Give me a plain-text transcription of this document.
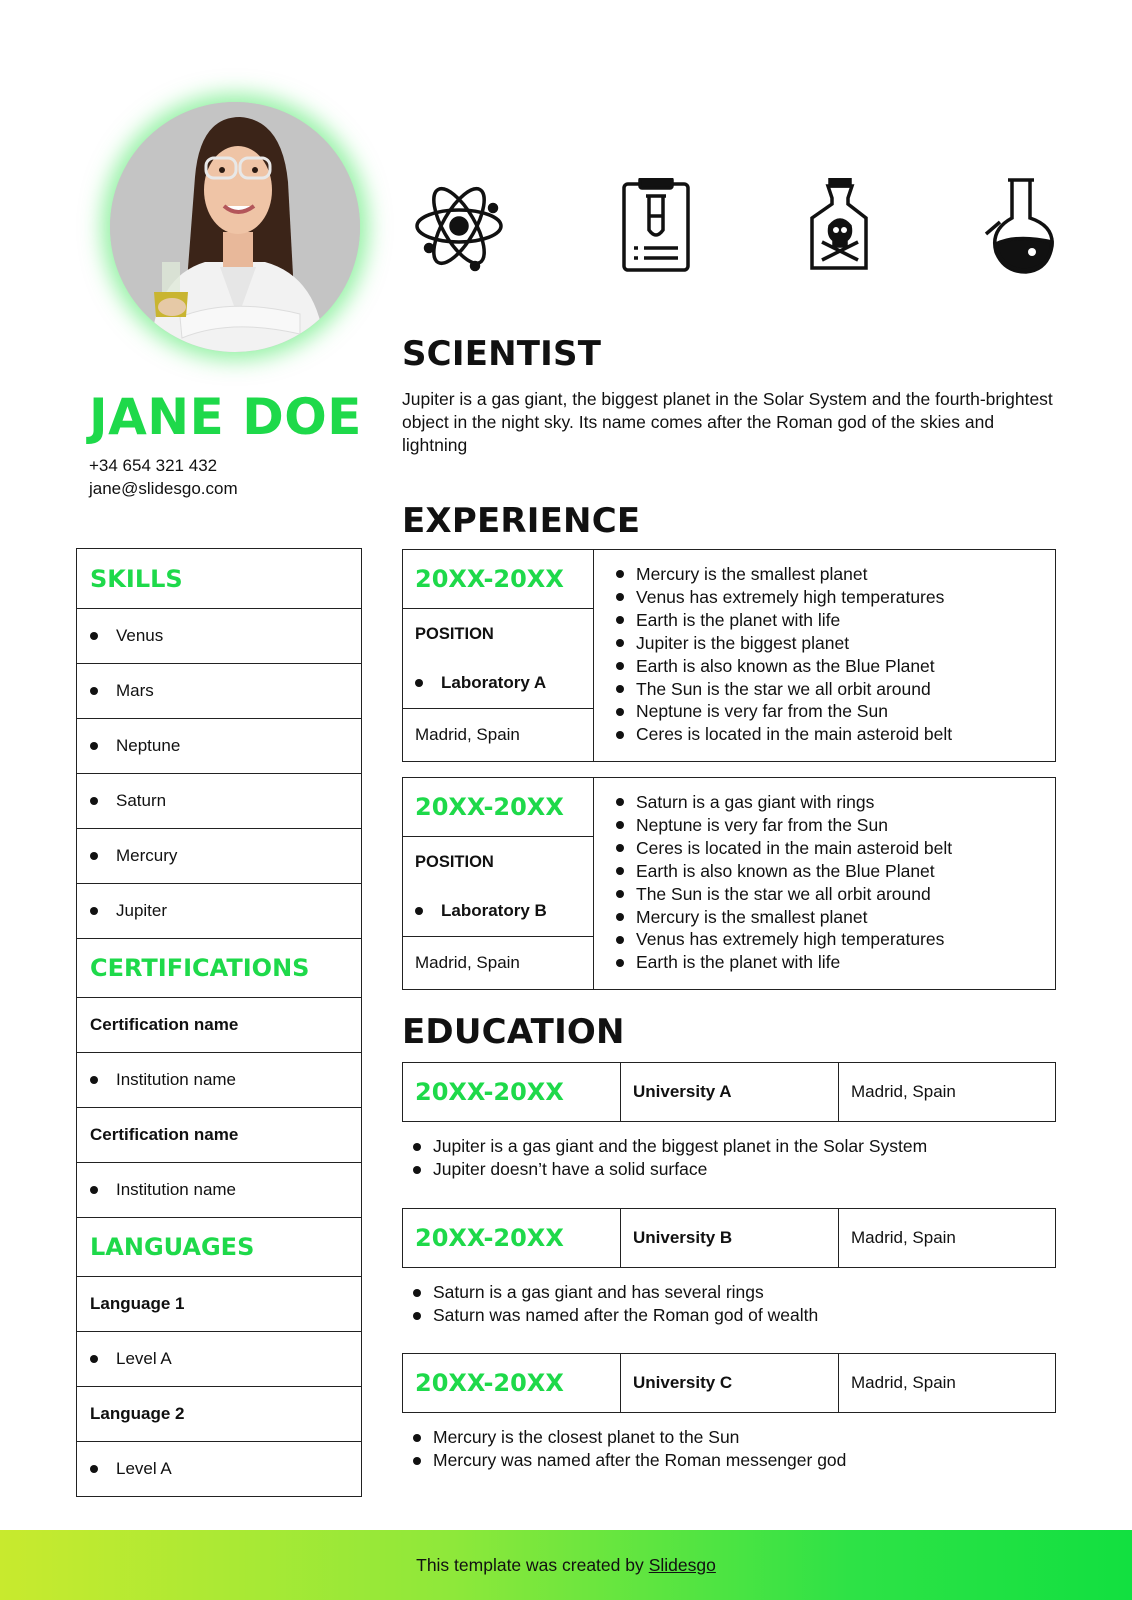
JANE DOE
+34 654 321 432
jane@slidesgo.com
SKILLS
Venus
Mars
Neptune
Saturn
Mercury
Jupiter
CERTIFICATIONS
Certification name
Institution name
Certification name
Institution name
LANGUAGES
Language 1
Level A
Language 2
Level A
SCIENTIST
Jupiter is a gas giant, the biggest planet in the Solar System and the fourth-brightest object in the night sky. Its name comes after the Roman god of the skies and lightning
EXPERIENCE
20XX-20XX
POSITION
Laboratory A
Madrid, Spain
Mercury is the smallest planet
Venus has extremely high temperatures
Earth is the planet with life
Jupiter is the biggest planet
Earth is also known as the Blue Planet
The Sun is the star we all orbit around
Neptune is very far from the Sun
Ceres is located in the main asteroid belt
20XX-20XX
POSITION
Laboratory B
Madrid, Spain
Saturn is a gas giant with rings
Neptune is very far from the Sun
Ceres is located in the main asteroid belt
Earth is also known as the Blue Planet
The Sun is the star we all orbit around
Mercury is the smallest planet
Venus has extremely high temperatures
Earth is the planet with life
EDUCATION
20XX-20XX	University A	Madrid, Spain
Jupiter is a gas giant and the biggest planet in the Solar System
Jupiter doesn’t have a solid surface
20XX-20XX	University B	Madrid, Spain
Saturn is a gas giant and has several rings
Saturn was named after the Roman god of wealth
20XX-20XX	University C	Madrid, Spain
Mercury is the closest planet to the Sun
Mercury was named after the Roman messenger god
This template was created by Slidesgo
